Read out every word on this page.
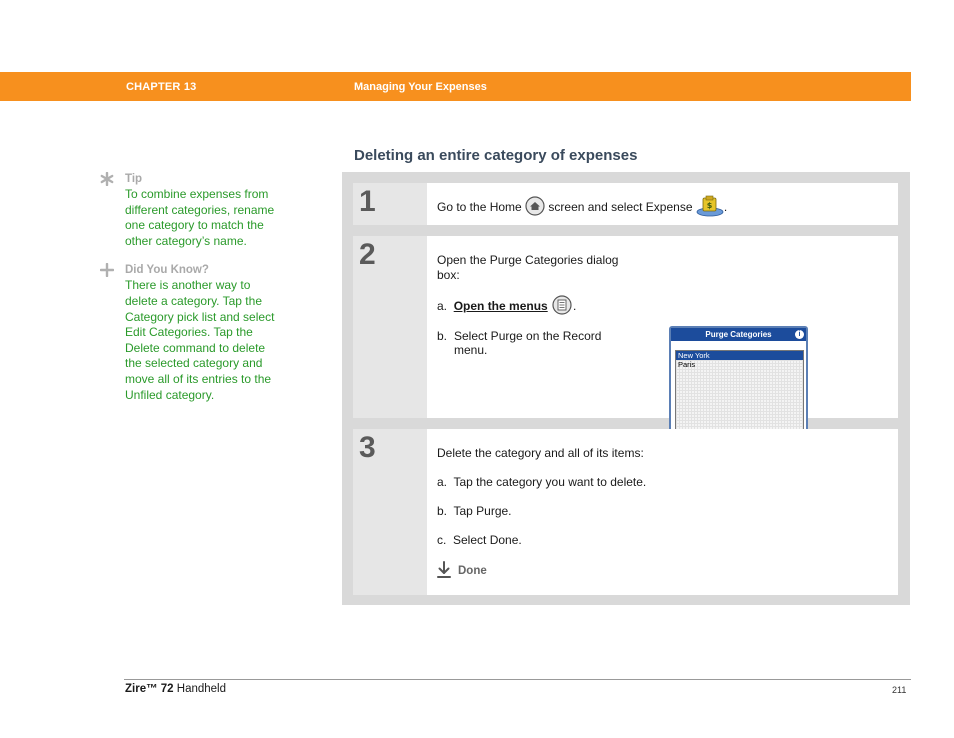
CHAPTER 13	Managing Your Expenses
Deleting an entire category of expenses
Tip
To combine expenses from different categories, rename one category to match the other category’s name.
Did You Know?
There is another way to delete a category. Tap the Category pick list and select Edit Categories. Tap the Delete command to delete the selected category and move all of its entries to the Unfiled category.
1	Go to the Home screen and select Expense $ .
2	Open the Purge Categories dialog box:
a. Open the menus .
b. Select Purge on the Record menu.
Purge Categories	i
New York
Paris
3	Delete the category and all of its items:
a.  Tap the category you want to delete.
b.  Tap Purge.
c.  Select Done.
Done
Zire™ 72 Handheld	211
